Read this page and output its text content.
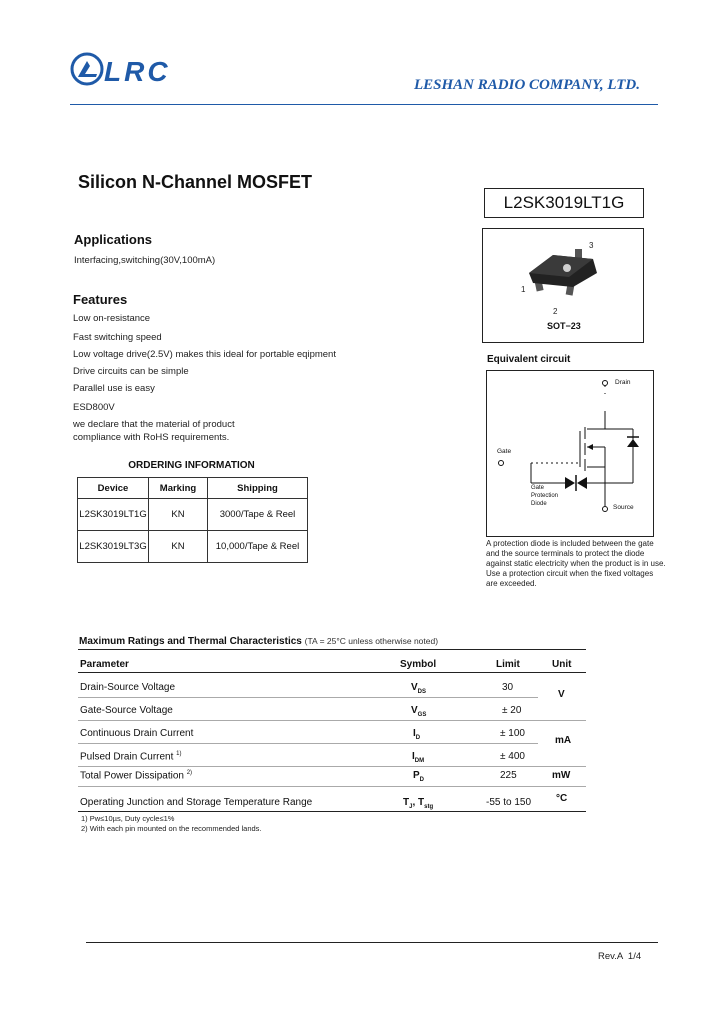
LRC	LESHAN RADIO COMPANY, LTD.
Silicon N-Channel MOSFET
L2SK3019LT1G
Applications
Interfacing,switching(30V,100mA)
Features
Low on-resistance
Fast switching speed
Low voltage drive(2.5V) makes this ideal for portable eqipment
Drive circuits can be simple
Parallel use is easy
ESD800V
we declare that the material of product
compliance with RoHS requirements.
3
1
2
SOT−23
Equivalent circuit
Drain
Gate
Source
Gate
Protection
Diode
A protection diode is included between the gate
and the source terminals to protect the diode
against static electricity when the product is in use.
Use a protection circuit when the fixed voltages
are exceeded.
ORDERING INFORMATION
Device	Marking	Shipping
L2SK3019LT1G	KN	3000/Tape & Reel
L2SK3019LT3G	KN	10,000/Tape & Reel
Maximum Ratings and Thermal Characteristics (TA = 25°C unless otherwise noted)
Parameter	Symbol	Limit	Unit
Drain-Source Voltage	$V_{DS}$	30
Gate-Source Voltage	$V_{GS}$	± 20
V
Continuous Drain Current	$I_D$	± 100
Pulsed Drain Current $^{1)}$	$I_{DM}$	± 400
mA
Total Power Dissipation $^{2)}$	$P_D$	225	mW
Operating Junction and Storage Temperature Range	$T_J$, $T_{stg}$	-55 to 150 °C
1) Pw≤10µs, Duty cycle≤1%
2) With each pin mounted on the recommended lands.
Rev.A  1/4
